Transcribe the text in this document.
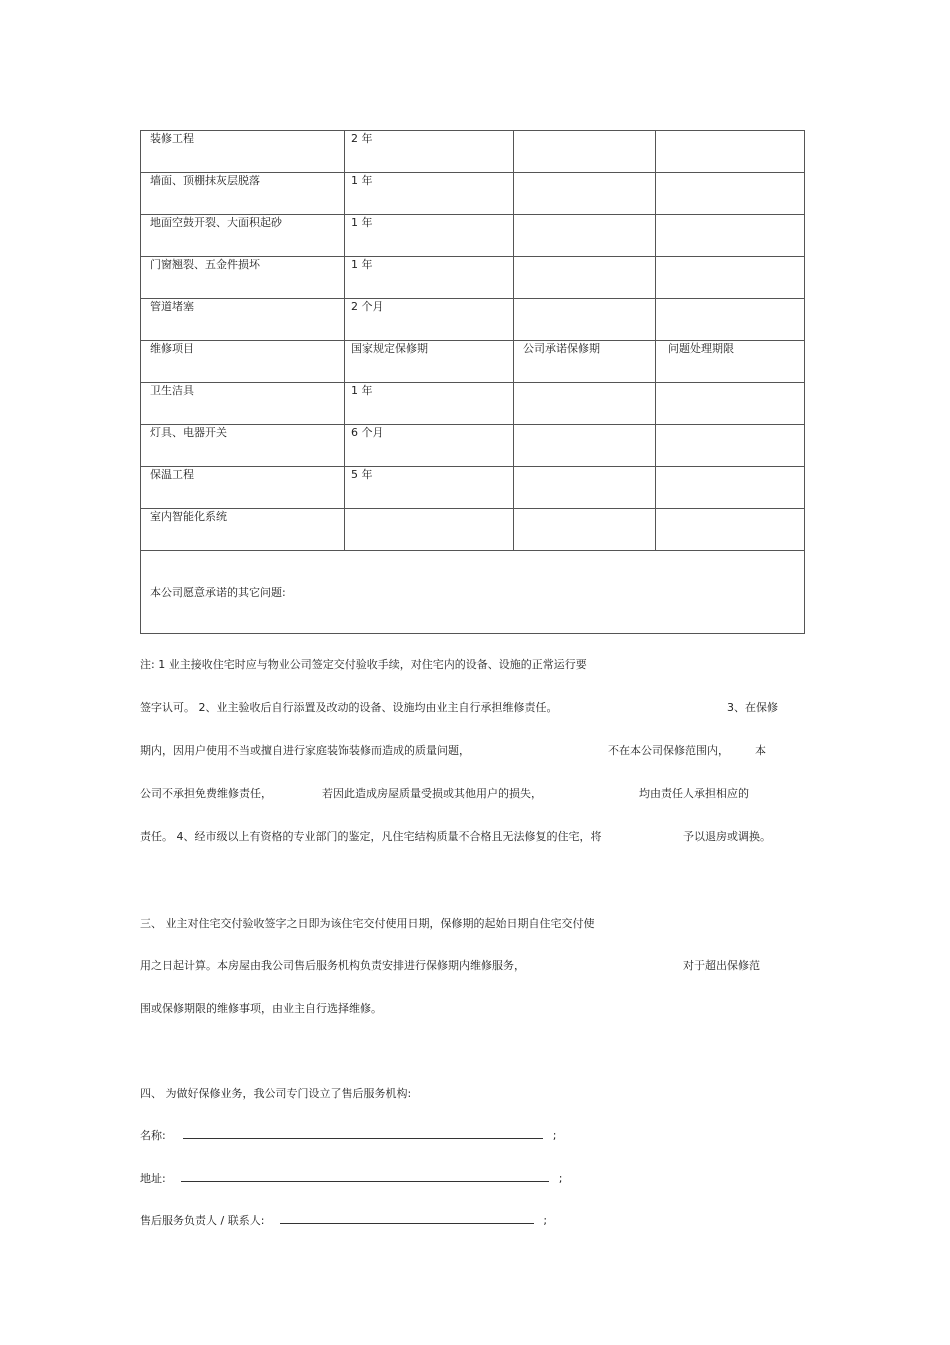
装修工程	2 年		

墙面、顶棚抹灰层脱落	1 年		

地面空鼓开裂、大面积起砂	1 年		

门窗翘裂、五金件损坏	1 年		

管道堵塞	2 个月		

维修项目	国家规定保修期	公司承诺保修期	问题处理期限

卫生洁具	1 年		

灯具、电器开关	6 个月		

保温工程	5 年		

室内智能化系统			

本公司愿意承诺的其它问题:			
注: 1 业主接收住宅时应与物业公司签定交付验收手续，对住宅内的设备、设施的正常运行要
签字认可。 2、业主验收后自行添置及改动的设备、设施均由业主自行承担维修责任。	3、在保修
期内，因用户使用不当或擅自进行家庭装饰装修而造成的质量问题，	不在本公司保修范围内， 本
公司不承担免费维修责任，	若因此造成房屋质量受损或其他用户的损失，	均由责任人承担相应的
责任。 4、经市级以上有资格的专业部门的鉴定，凡住宅结构质量不合格且无法修复的住宅，将	予以退房或调换。
三、 业主对住宅交付验收签字之日即为该住宅交付使用日期，保修期的起始日期自住宅交付使
用之日起计算。本房屋由我公司售后服务机构负责安排进行保修期内维修服务，	对于超出保修范
围或保修期限的维修事项，由业主自行选择维修。
四、 为做好保修业务，我公司专门设立了售后服务机构:
名称:	;
地址:	;
售后服务负责人 / 联系人:	;
